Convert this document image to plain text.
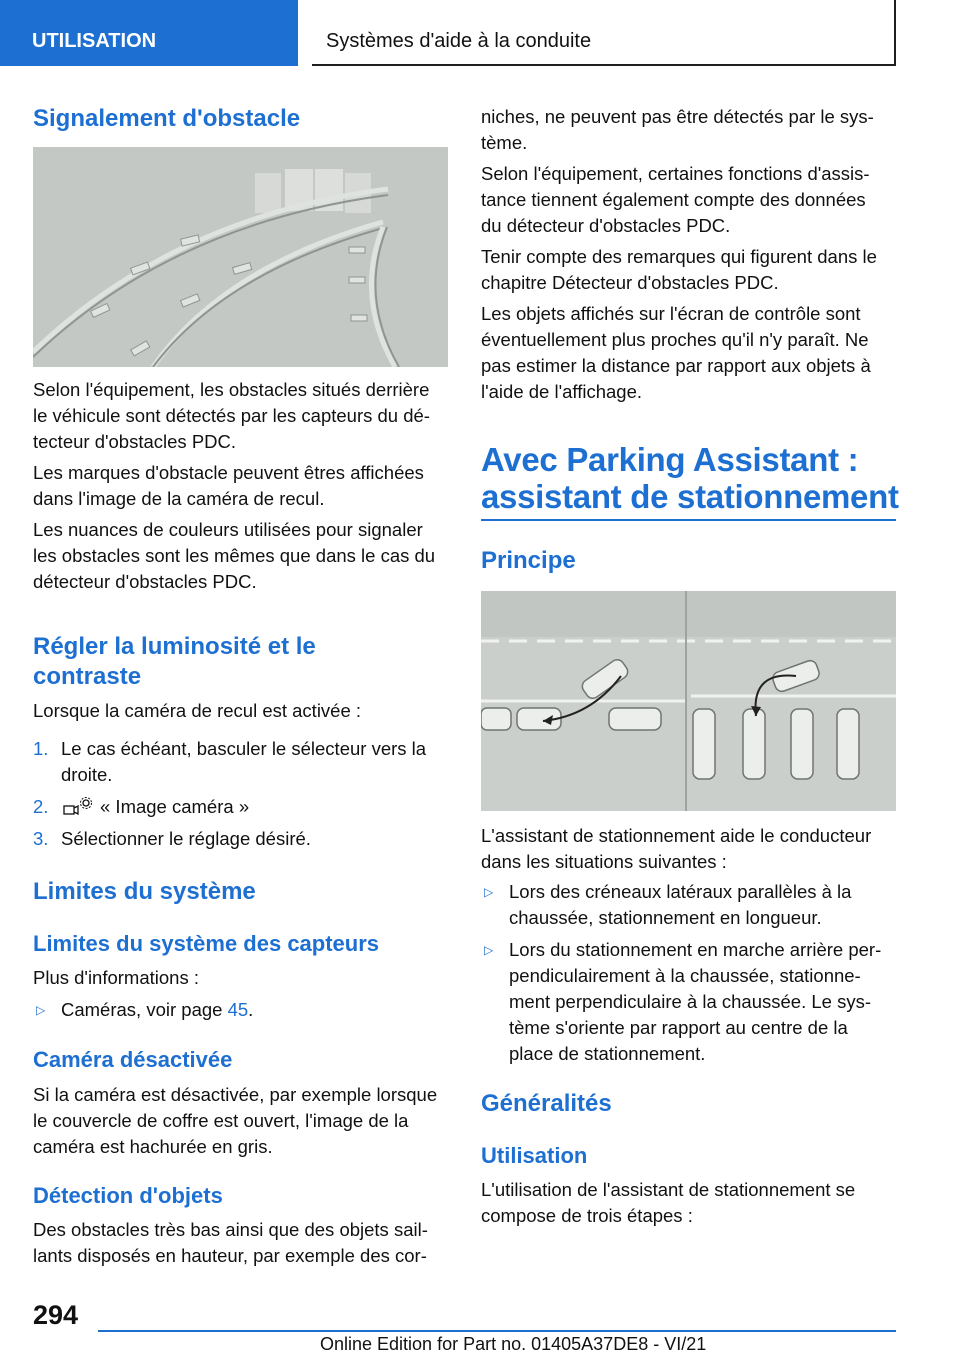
UTILISATION	Systèmes d'aide à la conduite
Signalement d'obstacle
Selon l'équipement, les obstacles situés derrière
le véhicule sont détectés par les capteurs du dé‐
tecteur d'obstacles PDC.
Les marques d'obstacle peuvent êtres affichées
dans l'image de la caméra de recul.
Les nuances de couleurs utilisées pour signaler
les obstacles sont les mêmes que dans le cas du
détecteur d'obstacles PDC.
Régler la luminosité et le
contraste
Lorsque la caméra de recul est activée :
1. Le cas échéant, basculer le sélecteur vers la
droite.
2.	« Image caméra »
3. Sélectionner le réglage désiré.
Limites du système
Limites du système des capteurs
Plus d'informations :
▷ Caméras, voir page 45.
Caméra désactivée
Si la caméra est désactivée, par exemple lorsque
le couvercle de coffre est ouvert, l'image de la
caméra est hachurée en gris.
Détection d'objets
Des obstacles très bas ainsi que des objets sail‐
lants disposés en hauteur, par exemple des cor‐
niches, ne peuvent pas être détectés par le sys‐
tème.
Selon l'équipement, certaines fonctions d'assis‐
tance tiennent également compte des données
du détecteur d'obstacles PDC.
Tenir compte des remarques qui figurent dans le
chapitre Détecteur d'obstacles PDC.
Les objets affichés sur l'écran de contrôle sont
éventuellement plus proches qu'il n'y paraît. Ne
pas estimer la distance par rapport aux objets à
l'aide de l'affichage.
Avec Parking Assistant :
assistant de stationnement
Principe
L'assistant de stationnement aide le conducteur
dans les situations suivantes :
▷ Lors des créneaux latéraux parallèles à la
chaussée, stationnement en longueur.
▷ Lors du stationnement en marche arrière per‐
pendiculairement à la chaussée, stationne‐
ment perpendiculaire à la chaussée. Le sys‐
tème s'oriente par rapport au centre de la
place de stationnement.
Généralités
Utilisation
L'utilisation de l'assistant de stationnement se
compose de trois étapes :
294
Online Edition for Part no. 01405A37DE8 - VI/21
